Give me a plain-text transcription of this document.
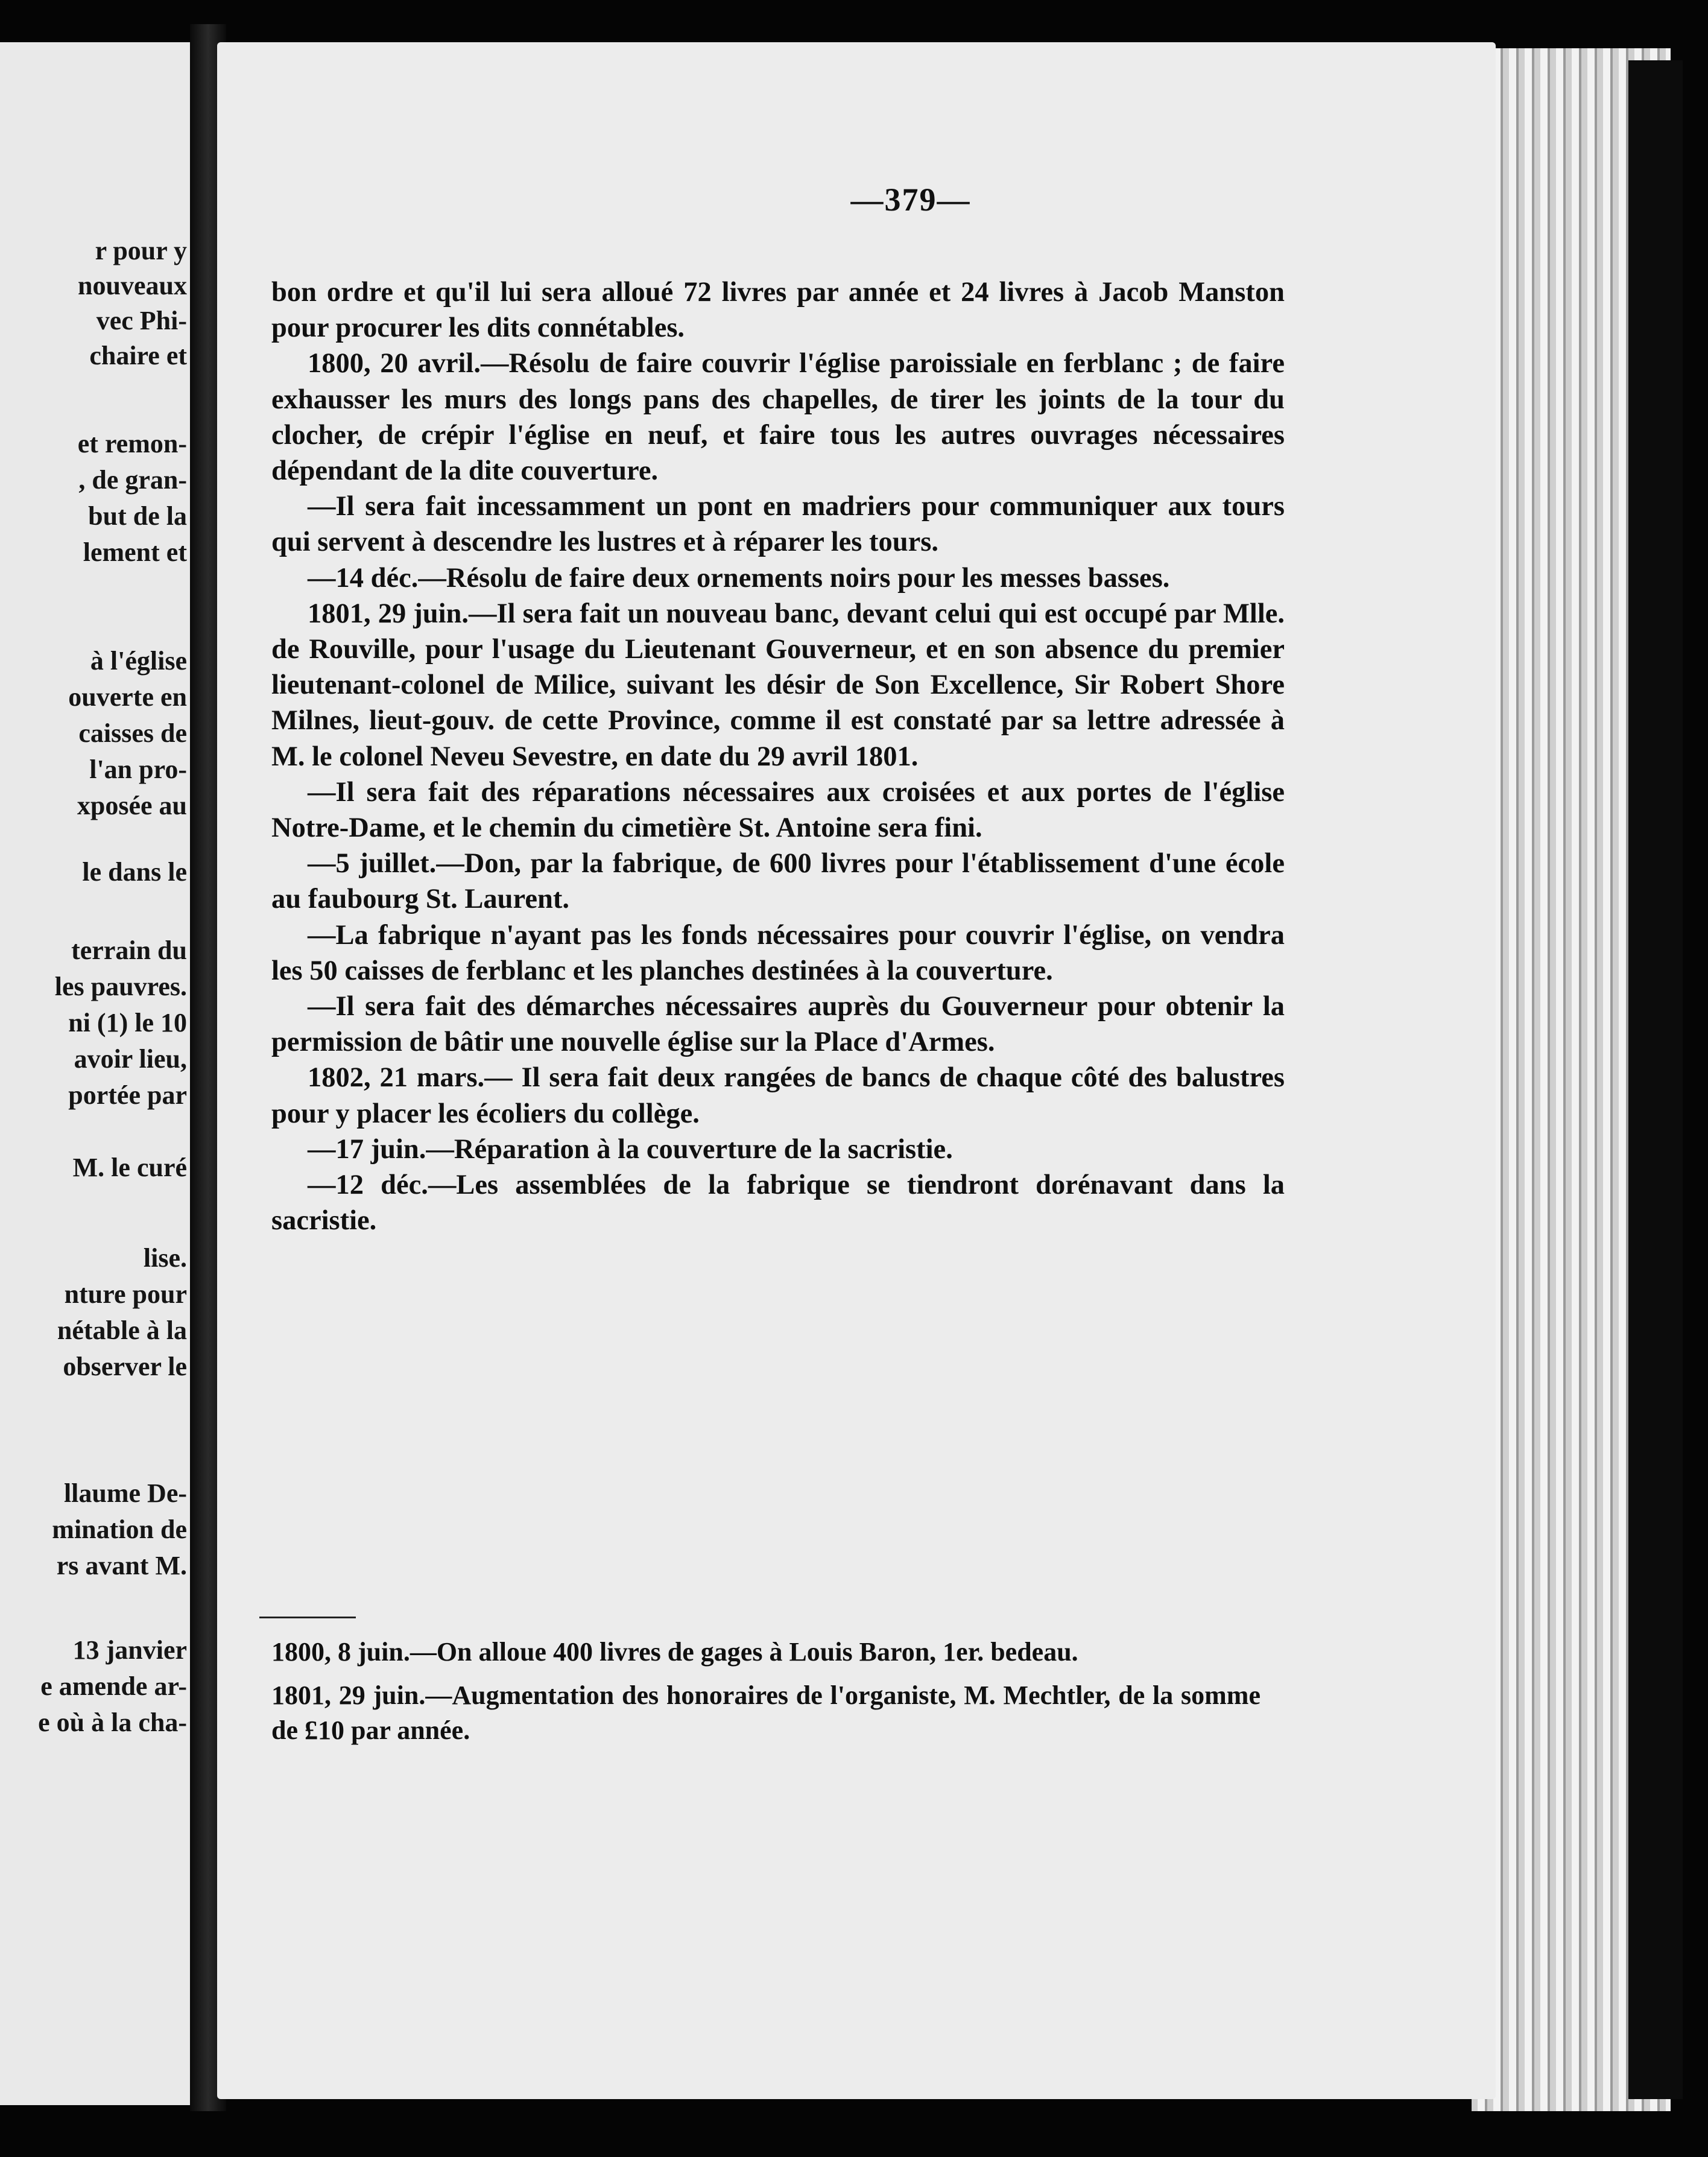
r pour y
nouveaux
vec Phi-
chaire et
et remon-
, de gran-
but de la
lement et
à l'église
ouverte en
caisses de
l'an pro-
xposée au
le dans le
terrain du
les pauvres.
ni (1) le 10
avoir lieu,
portée par
M. le curé
lise.
nture pour
nétable à la
observer le
llaume De-
mination de
rs avant M.
13 janvier
e amende ar-
e où à la cha-
—379—

bon ordre et qu'il lui sera alloué 72 livres par année et 24 livres à Jacob Manston pour procurer les dits connétables.

1800, 20 avril.—Résolu de faire couvrir l'église paroissiale en ferblanc ; de faire exhausser les murs des longs pans des chapelles, de tirer les joints de la tour du clocher, de crépir l'église en neuf, et faire tous les autres ouvrages nécessaires dépendant de la dite couverture.

—Il sera fait incessamment un pont en madriers pour communiquer aux tours qui servent à descendre les lustres et à réparer les tours.

—14 déc.—Résolu de faire deux ornements noirs pour les messes basses.

1801, 29 juin.—Il sera fait un nouveau banc, devant celui qui est occupé par Mlle. de Rouville, pour l'usage du Lieutenant Gouverneur, et en son absence du premier lieutenant-colonel de Milice, suivant les désir de Son Excellence, Sir Robert Shore Milnes, lieut-gouv. de cette Province, comme il est constaté par sa lettre adressée à M. le colonel Neveu Sevestre, en date du 29 avril 1801.

—Il sera fait des réparations nécessaires aux croisées et aux portes de l'église Notre-Dame, et le chemin du cimetière St. Antoine sera fini.

—5 juillet.—Don, par la fabrique, de 600 livres pour l'établissement d'une école au faubourg St. Laurent.

—La fabrique n'ayant pas les fonds nécessaires pour couvrir l'église, on vendra les 50 caisses de ferblanc et les planches destinées à la couverture.

—Il sera fait des démarches nécessaires auprès du Gouverneur pour obtenir la permission de bâtir une nouvelle église sur la Place d'Armes.

1802, 21 mars.— Il sera fait deux rangées de bancs de chaque côté des balustres pour y placer les écoliers du collège.

—17 juin.—Réparation à la couverture de la sacristie.

—12 déc.—Les assemblées de la fabrique se tiendront dorénavant dans la sacristie.

1800, 8 juin.—On alloue 400 livres de gages à Louis Baron, 1er. bedeau.

1801, 29 juin.—Augmentation des honoraires de l'organiste, M. Mechtler, de la somme de £10 par année.
